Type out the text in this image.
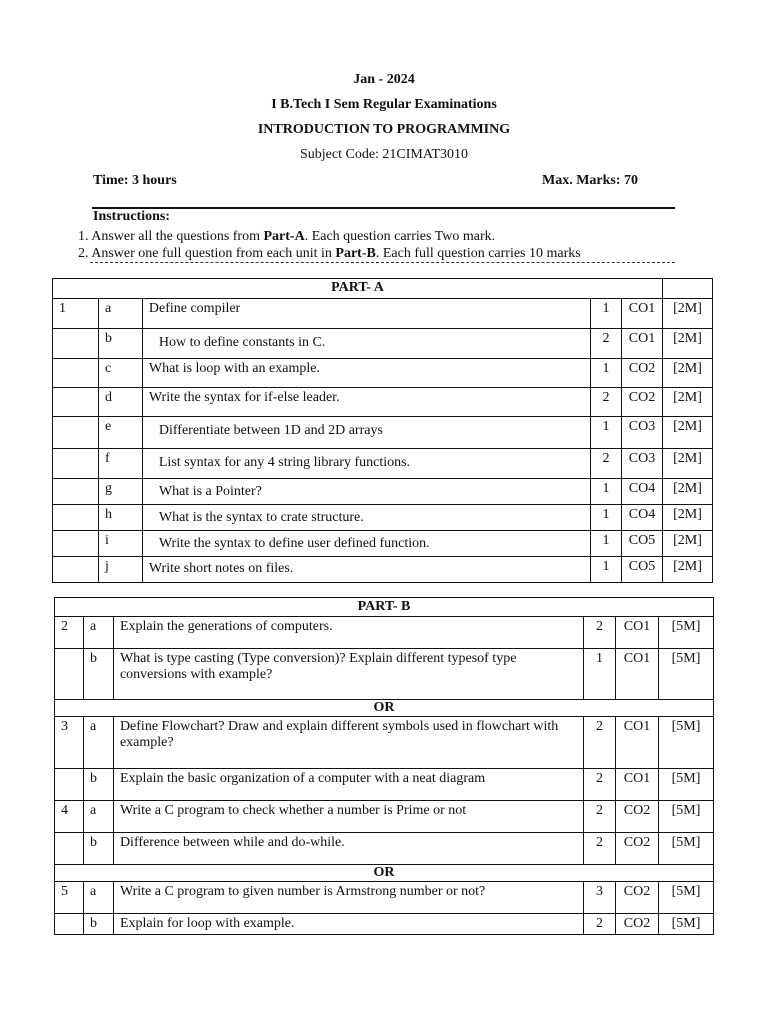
Jan - 2024
I B.Tech I Sem Regular Examinations
INTRODUCTION TO PROGRAMMING
Subject Code: 21CIMAT3010
Time: 3 hours	Max. Marks: 70
Instructions:
1. Answer all the questions from Part-A. Each question carries Two mark.
2. Answer one full question from each unit in Part-B. Each full question carries 10 marks
PART- A					
1	a	Define compiler	1	CO1	[2M]
	b	How to define constants in C.	2	CO1	[2M]
	c	What is loop with an example.	1	CO2	[2M]
	d	Write the syntax for if-else leader.	2	CO2	[2M]
	e	Differentiate between 1D and 2D arrays	1	CO3	[2M]
	f	List syntax for any 4 string library functions.	2	CO3	[2M]
	g	What is a Pointer?	1	CO4	[2M]
	h	What is the syntax to crate structure.	1	CO4	[2M]
	i	Write the syntax to define user defined function.	1	CO5	[2M]
	j	Write short notes on files.	1	CO5	[2M]
PART- B					
2	a	Explain the generations of computers.	2	CO1	[5M]
	b	What is type casting (Type conversion)? Explain different typesof type conversions with example?	1	CO1	[5M]
OR					
3	a	Define Flowchart? Draw and explain different symbols used in flowchart with example?	2	CO1	[5M]
	b	Explain the basic organization of a computer with a neat diagram	2	CO1	[5M]
4	a	Write a C program to check whether a number is Prime or not	2	CO2	[5M]
	b	Difference between while and do-while.	2	CO2	[5M]
OR					
5	a	Write a C program to given number is Armstrong number or not?	3	CO2	[5M]
	b	Explain for loop with example.	2	CO2	[5M]
